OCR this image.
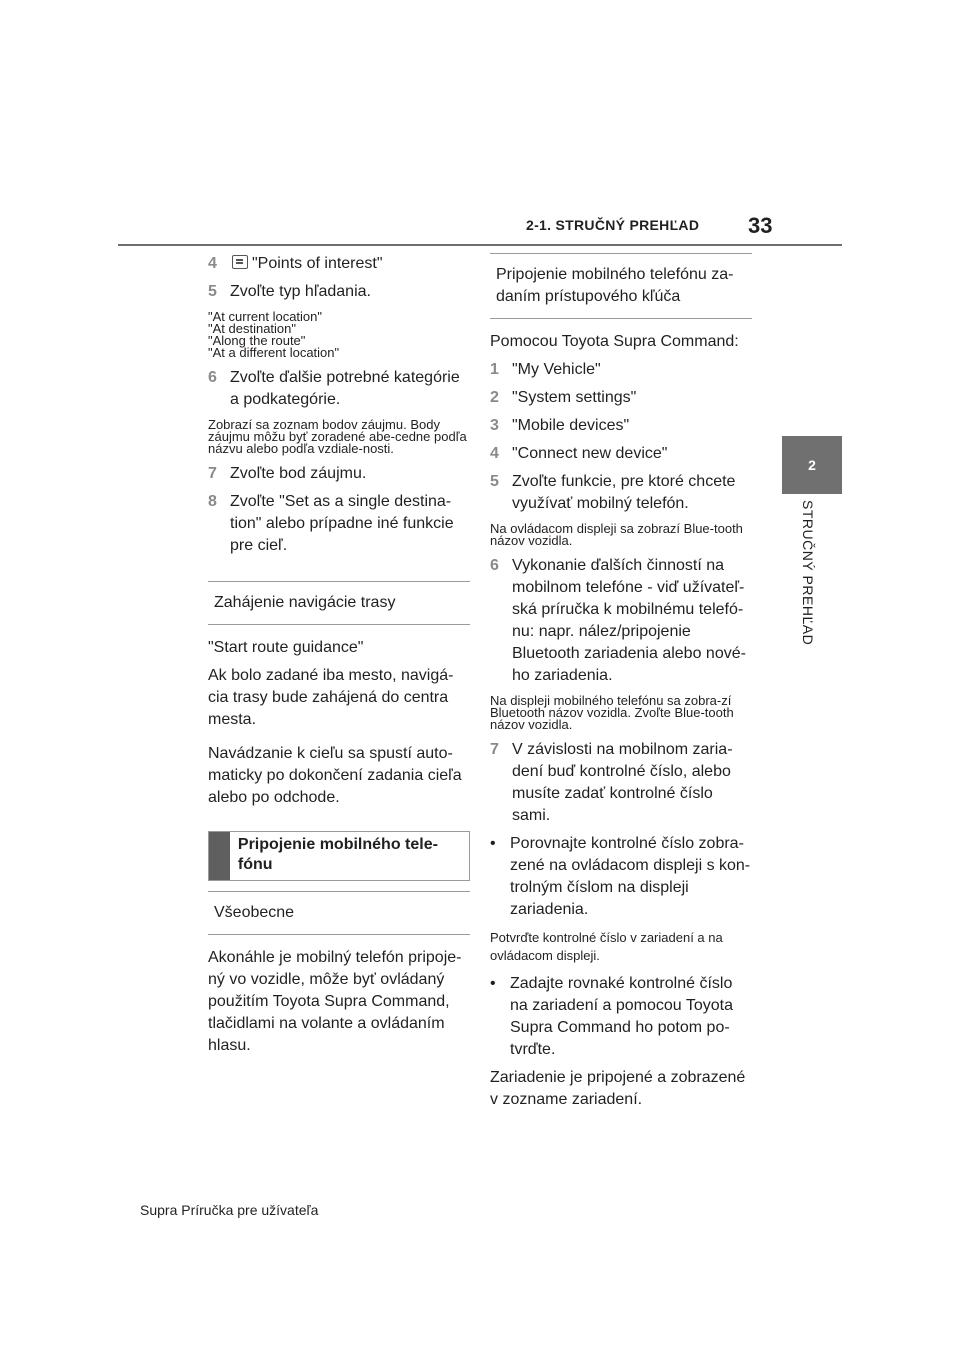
2-1. STRUČNÝ PREHĽAD 33
2
STRUČNÝ PREHĽAD
4	"Points of interest"
5 Zvoľte typ hľadania.
"At current location"
"At destination"
"Along the route"
"At a different location"
6 Zvoľte ďalšie potrebné kategórie a podkategórie.
Zobrazí sa zoznam bodov záujmu. Body záujmu môžu byť zoradené abe-cedne podľa názvu alebo podľa vzdiale-nosti.
7 Zvoľte bod záujmu.
8 Zvoľte "Set as a single destina-tion" alebo prípadne iné funkcie pre cieľ.
Zahájenie navigácie trasy
"Start route guidance"
Ak bolo zadané iba mesto, navigá-cia trasy bude zahájená do centra mesta.
Navádzanie k cieľu sa spustí auto-maticky po dokončení zadania cieľa alebo po odchode.
Pripojenie mobilného tele-fónu
Všeobecne
Akonáhle je mobilný telefón pripoje-ný vo vozidle, môže byť ovládaný použitím Toyota Supra Command, tlačidlami na volante a ovládaním hlasu.
Pripojenie mobilného telefónu za-daním prístupového kľúča
Pomocou Toyota Supra Command:
1 "My Vehicle"
2 "System settings"
3 "Mobile devices"
4 "Connect new device"
5 Zvoľte funkcie, pre ktoré chcete využívať mobilný telefón.
Na ovládacom displeji sa zobrazí Blue-tooth názov vozidla.
6 Vykonanie ďalších činností na mobilnom telefóne - viď užívateľ-ská príručka k mobilnému telefó-nu: napr. nález/pripojenie Bluetooth zariadenia alebo nové-ho zariadenia.
Na displeji mobilného telefónu sa zobra-zí Bluetooth názov vozidla. Zvoľte Blue-tooth názov vozidla.
7 V závislosti na mobilnom zaria-dení buď kontrolné číslo, alebo musíte zadať kontrolné číslo sami.
• Porovnajte kontrolné číslo zobra-zené na ovládacom displeji s kon-trolným číslom na displeji zariadenia.
Potvrďte kontrolné číslo v zariadení a na ovládacom displeji.
• Zadajte rovnaké kontrolné číslo na zariadení a pomocou Toyota Supra Command ho potom po-tvrďte.
Zariadenie je pripojené a zobrazené v zozname zariadení.
Supra Príručka pre užívateľa
